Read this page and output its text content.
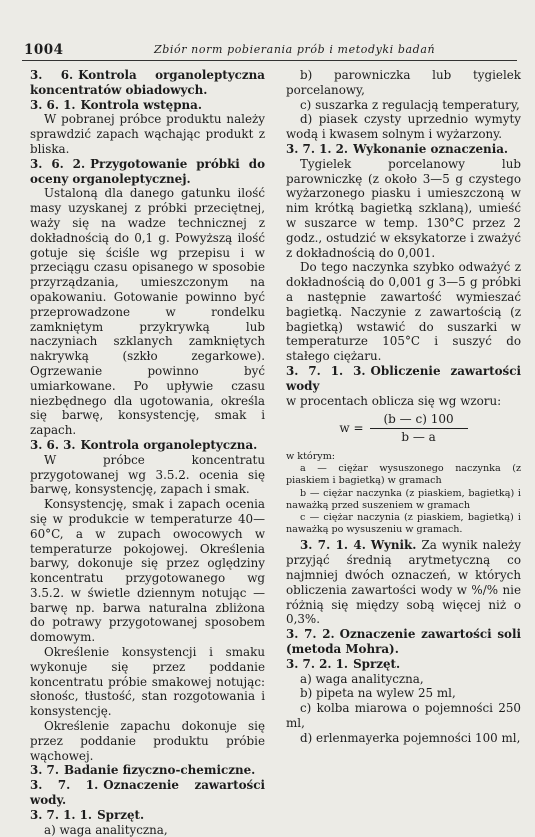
1004	Zbiór norm pobierania prób i metodyki badań

3. 6. Kontrola organoleptyczna koncentratów obiadowych.

3. 6. 1. Kontrola wstępna.

W pobranej próbce produktu należy sprawdzić zapach wąchając produkt z bliska.

3. 6. 2. Przygotowanie próbki do oceny organoleptycznej.

Ustaloną dla danego gatunku ilość masy uzyskanej z próbki przeciętnej, waży się na wadze technicznej z dokładnością do 0,1 g. Powyższą ilość gotuje się ściśle wg przepisu i w przeciągu czasu opisanego w sposobie przyrządzania, umieszczonym na opakowaniu. Gotowanie powinno być przeprowadzone w rondelku zamkniętym przykrywką lub naczyniach szklanych zamkniętych nakrywką (szkło zegarkowe). Ogrzewanie powinno być umiarkowane. Po upływie czasu niezbędnego dla ugotowania, określa się barwę, konsystencję, smak i zapach.

3. 6. 3. Kontrola organoleptyczna.

W próbce koncentratu przygotowanej wg 3.5.2. ocenia się barwę, konsystencję, zapach i smak.

Konsystencję, smak i zapach ocenia się w produkcie w temperaturze 40—60°C, a w zupach owocowych w temperaturze pokojowej. Określenia barwy, dokonuje się przez oględziny koncentratu przygotowanego wg 3.5.2. w świetle dziennym notując — barwę np. barwa naturalna zbliżona do potrawy przygotowanej sposobem domowym.

Określenie konsystencji i smaku wykonuje się przez poddanie koncentratu próbie smakowej notując: słonośc, tłustość, stan rozgotowania i konsystencję.

Określenie zapachu dokonuje się przez poddanie produktu próbie wąchowej.

3. 7. Badanie fizyczno-chemiczne.

3. 7. 1. Oznaczenie zawartości wody.

3. 7. 1. 1. Sprzęt.

a) waga analityczna,

b) parowniczka lub tygielek porcelanowy,

c) suszarka z regulacją temperatury,

d) piasek czysty uprzednio wymyty wodą i kwasem solnym i wyżarzony.

3. 7. 1. 2. Wykonanie oznaczenia.

Tygielek porcelanowy lub parowniczkę (z około 3—5 g czystego wyżarzonego piasku i umieszczoną w nim krótką bagietką szklaną), umieść w suszarce w temp. 130°C przez 2 godz., ostudzić w eksykatorze i zważyć z dokładnością do 0,001.

Do tego naczynka szybko odważyć z dokładnością do 0,001 g 3—5 g próbki a następnie zawartość wymieszać bagietką. Naczynie z zawartością (z bagietką) wstawić do suszarki w temperaturze 105°C i suszyć do stałego ciężaru.

3. 7. 1. 3. Obliczenie zawartości wody

w procentach oblicza się wg wzoru:

$w = \frac{(b — c) 100}{b — a}$

w którym:

a — ciężar wysuszonego naczynka (z piaskiem i bagietką) w gramach

b — ciężar naczynka (z piaskiem, bagietką) i naważką przed suszeniem w gramach

c — ciężar naczynia (z piaskiem, bagietką) i naważką po wysuszeniu w gramach.

3. 7. 1. 4. Wynik. Za wynik należy przyjąć średnią arytmetyczną co najmniej dwóch oznaczeń, w których obliczenia zawartości wody w %/% nie różnią się między sobą więcej niż o 0,3%.

3. 7. 2. Oznaczenie zawartości soli (metoda Mohra).

3. 7. 2. 1. Sprzęt.

a) waga analityczna,

b) pipeta na wylew 25 ml,

c) kolba miarowa o pojemności 250 ml,

d) erlenmayerka pojemności 100 ml,
